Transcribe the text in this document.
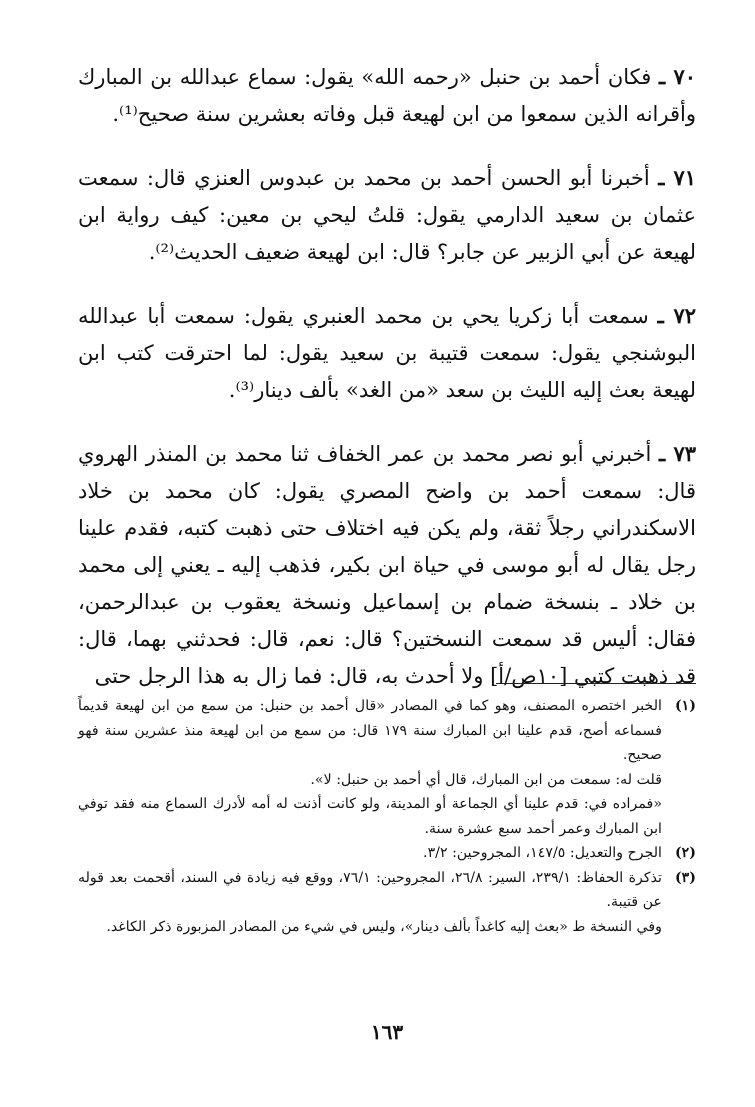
٧٠ ـ فكان أحمد بن حنبل «رحمه الله» يقول: سماع عبدالله بن المبارك وأقرانه الذين سمعوا من ابن لهيعة قبل وفاته بعشرين سنة صحيح⁽¹⁾.

٧١ ـ أخبرنا أبو الحسن أحمد بن محمد بن عبدوس العنزي قال: سمعت عثمان بن سعيد الدارمي يقول: قلتُ ليحي بن معين: كيف رواية ابن لهيعة عن أبي الزبير عن جابر؟ قال: ابن لهيعة ضعيف الحديث⁽²⁾.

٧٢ ـ سمعت أبا زكريا يحي بن محمد العنبري يقول: سمعت أبا عبدالله البوشنجي يقول: سمعت قتيبة بن سعيد يقول: لما احترقت كتب ابن لهيعة بعث إليه الليث بن سعد «من الغد» بألف دينار⁽³⁾.

٧٣ ـ أخبرني أبو نصر محمد بن عمر الخفاف ثنا محمد بن المنذر الهروي قال: سمعت أحمد بن واضح المصري يقول: كان محمد بن خلاد الاسكندراني رجلاً ثقة، ولم يكن فيه اختلاف حتى ذهبت كتبه، فقدم علينا رجل يقال له أبو موسى في حياة ابن بكير، فذهب إليه ـ يعني إلى محمد بن خلاد ـ بنسخة ضمام بن إسماعيل ونسخة يعقوب بن عبدالرحمن، فقال: أليس قد سمعت النسختين؟ قال: نعم، قال: فحدثني بهما، قال: قد ذهبت كتبي [١٠ص/أ] ولا أحدث به، قال: فما زال به هذا الرجل حتى

(١)

الخبر اختصره المصنف، وهو كما في المصادر «قال أحمد بن حنبل: من سمع من ابن لهيعة قديماً فسماعه أصح، قدم علينا ابن المبارك سنة ١٧٩ قال: من سمع من ابن لهيعة منذ عشرين سنة فهو صحيح.

قلت له: سمعت من ابن المبارك، قال أي أحمد بن حنبل: لا».

«فمراده في: قدم علينا أي الجماعة أو المدينة، ولو كانت أذنت له أمه لأدرك السماع منه فقد توفي ابن المبارك وعمر أحمد سبع عشرة سنة.

(٢)

الجرح والتعديل: ١٤٧/٥، المجروحين: ٣/٢.

(٣)

تذكرة الحفاظ: ٢٣٩/١، السير: ٢٦/٨، المجروحين: ٧٦/١، ووقع فيه زيادة في السند، أقحمت بعد قوله عن قتيبة.

وفي النسخة ط «بعث إليه كاغداً بألف دينار»، وليس في شيء من المصادر المزبورة ذكر الكاغد.

١٦٣
